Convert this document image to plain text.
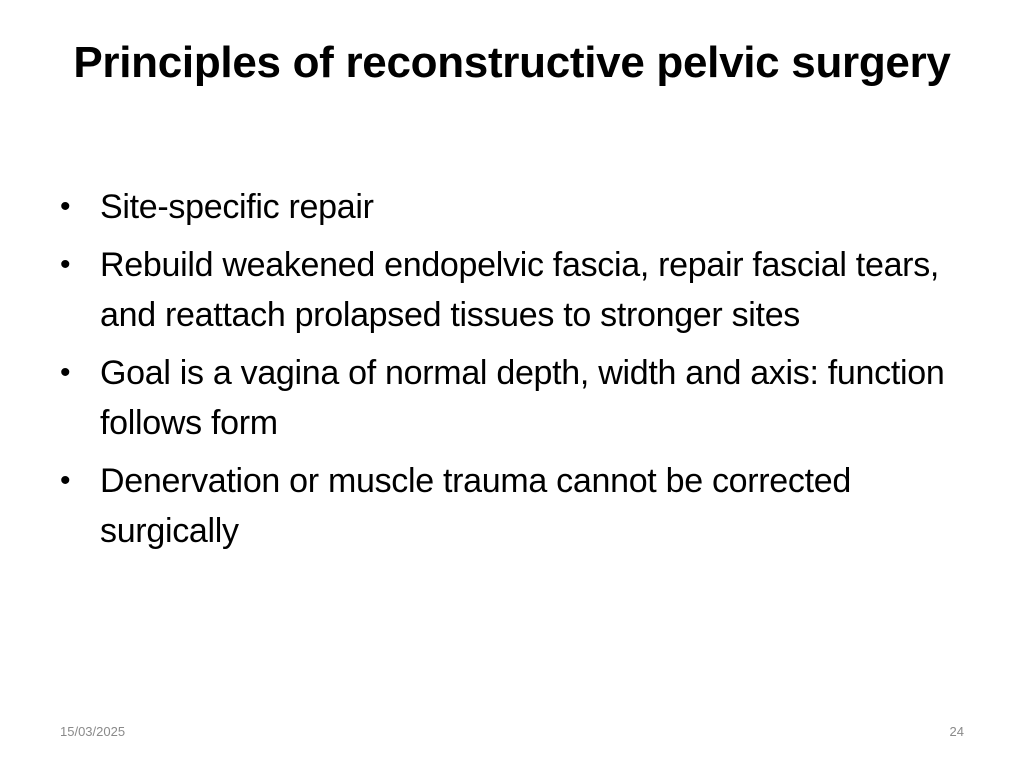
Principles of reconstructive pelvic surgery
• Site-specific repair
• Rebuild weakened endopelvic fascia, repair fascial tears, and reattach prolapsed tissues to stronger sites
• Goal is a vagina of normal depth, width and axis: function follows form
• Denervation or muscle trauma cannot be corrected surgically
15/03/2025	24
